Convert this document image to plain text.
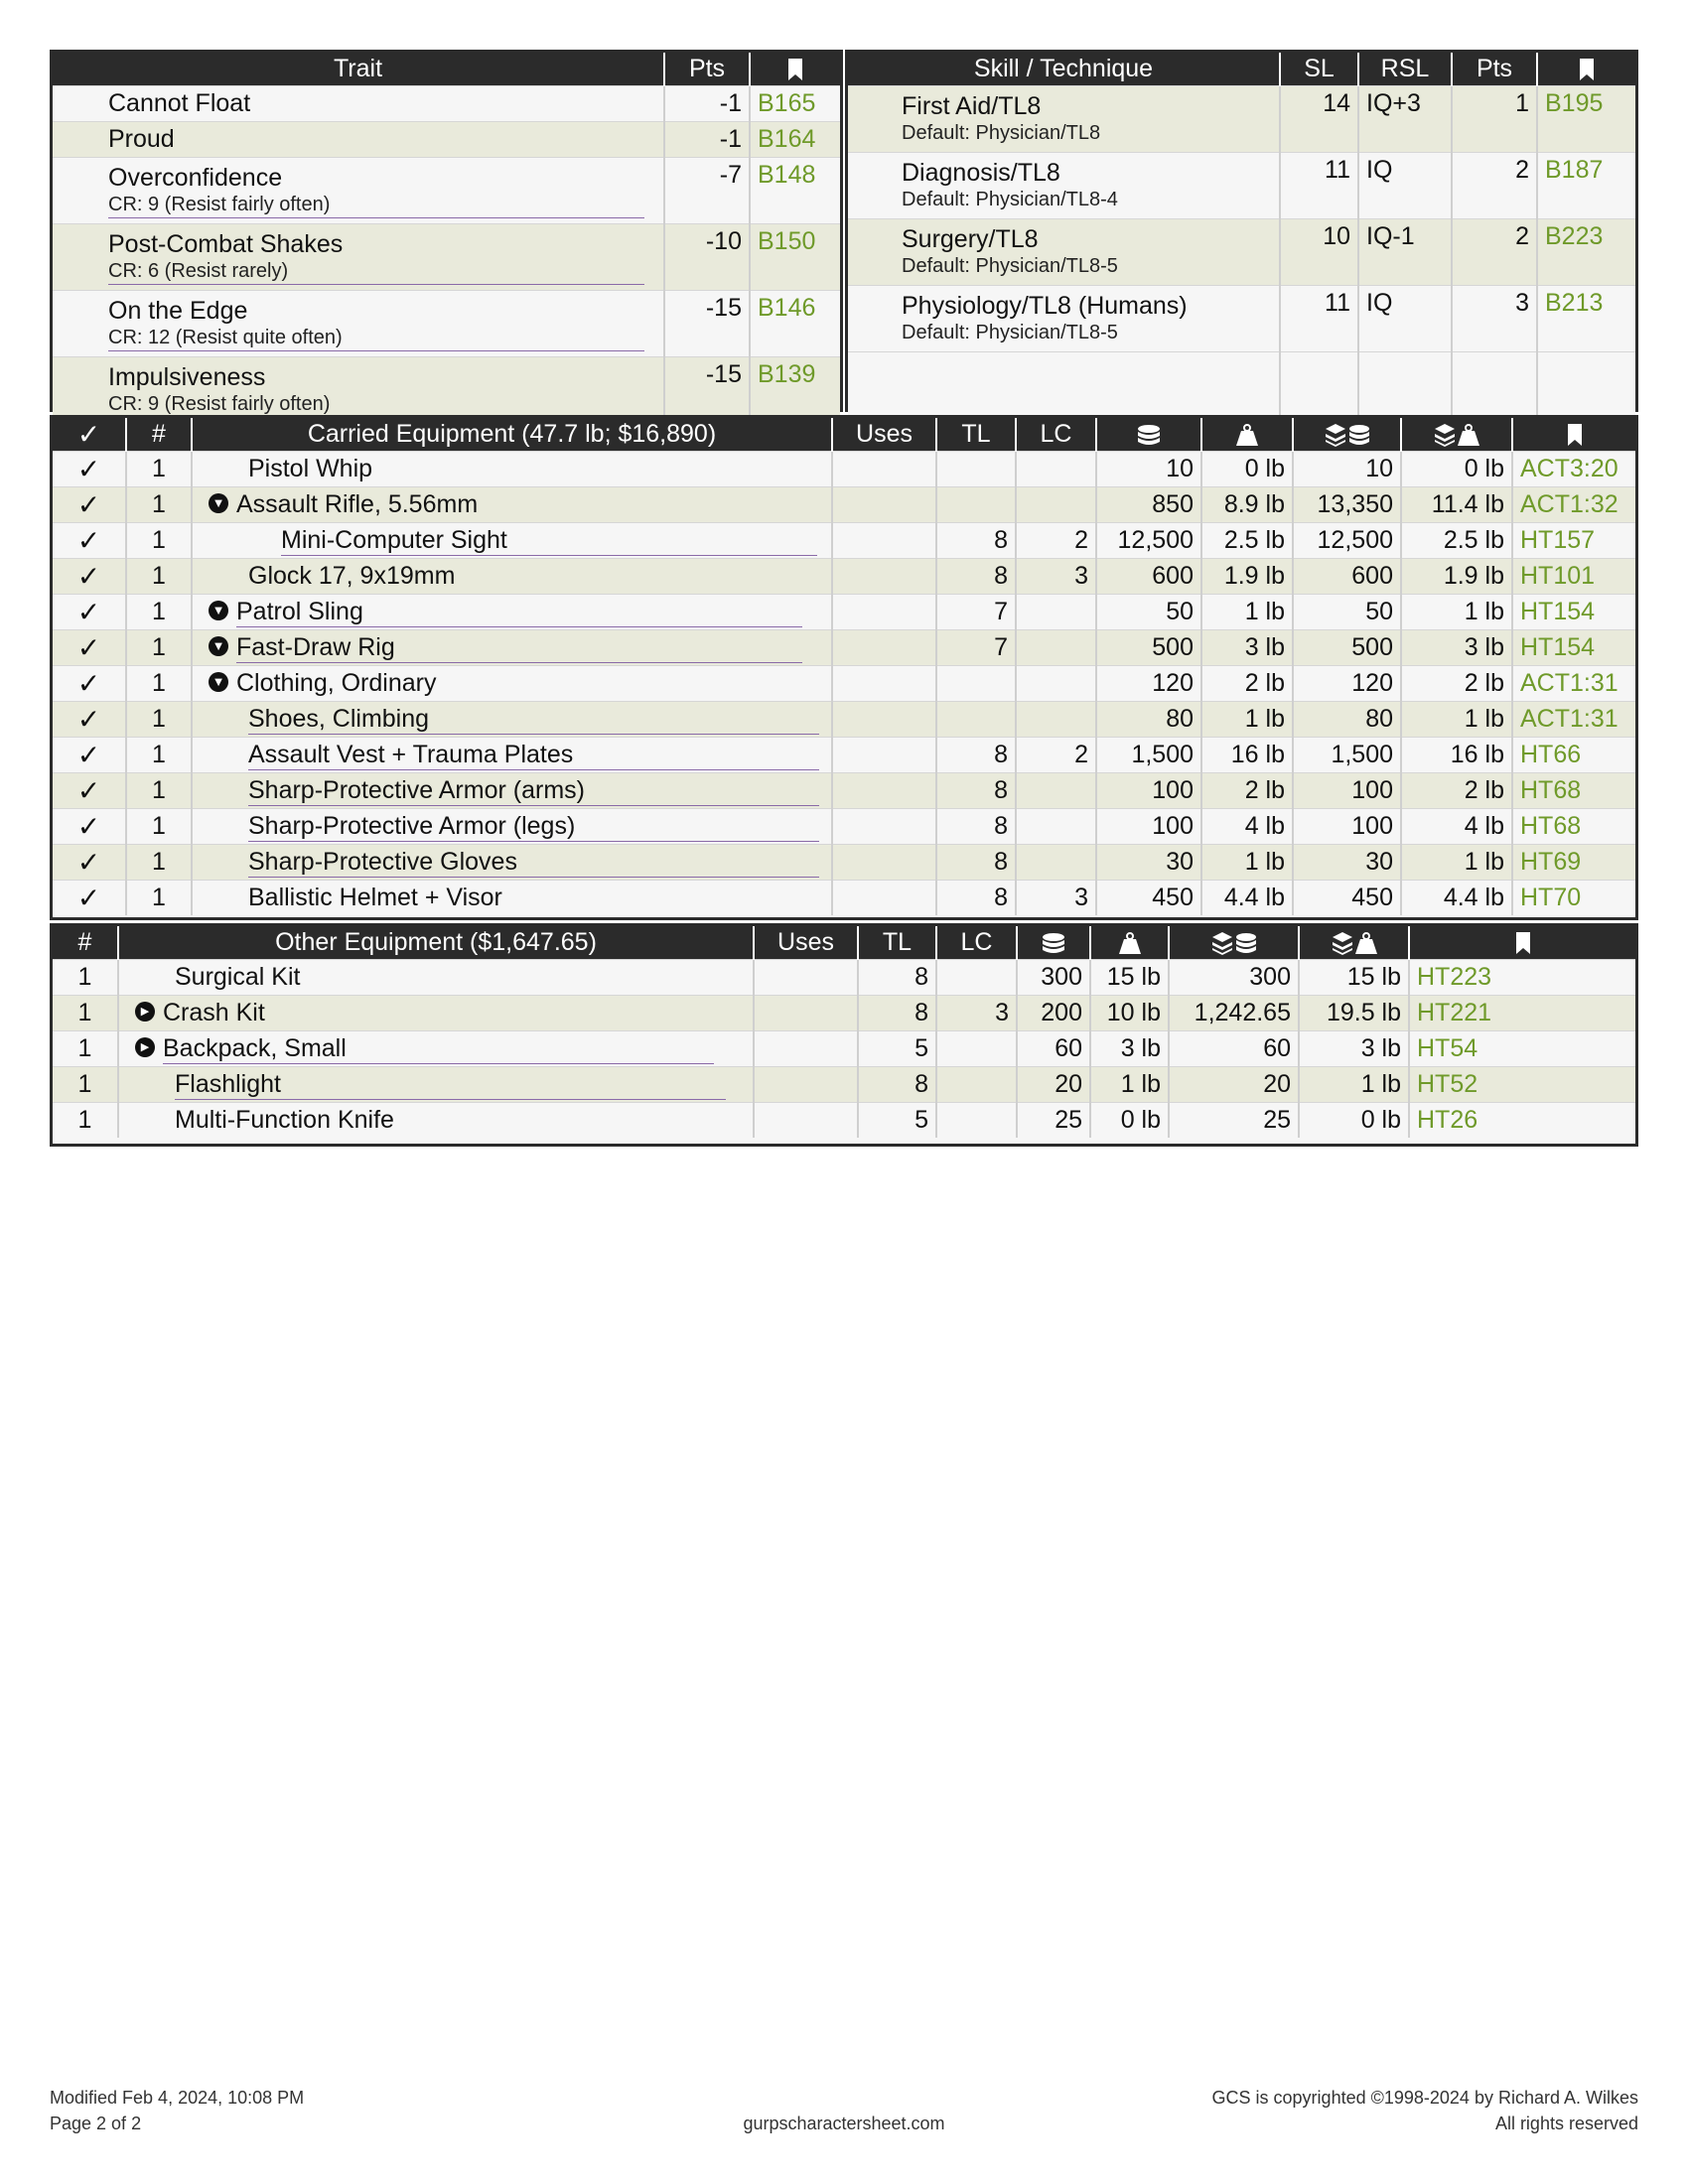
Trait	Pts	
Cannot Float	-1	B165
Proud	-1	B164

Overconfidence
CR: 9 (Resist fairly often)	-7	B148

Post-Combat Shakes
CR: 6 (Resist rarely)	-10	B150

On the Edge
CR: 12 (Resist quite often)	-15	B146

Impulsiveness
CR: 9 (Resist fairly often)	-15	B139
Skill / Technique	SL	RSL	Pts	

First Aid/TL8
Default: Physician/TL8	14	IQ+3	1	B195

Diagnosis/TL8
Default: Physician/TL8-4	11	IQ	2	B187

Surgery/TL8
Default: Physician/TL8-5	10	IQ-1	2	B223

Physiology/TL8 (Humans)
Default: Physician/TL8-5	11	IQ	3	B213

✓	#	Carried Equipment (47.7 lb; $16,890)	Uses	TL	LC					
✓	1	Pistol Whip				10	0 lb	10	0 lb	ACT3:20
✓	1	▼ Assault Rifle, 5.56mm				850	8.9 lb	13,350	11.4 lb	ACT1:32
✓	1	Mini-Computer Sight		8	2	12,500	2.5 lb	12,500	2.5 lb	HT157
✓	1	Glock 17, 9x19mm		8	3	600	1.9 lb	600	1.9 lb	HT101
✓	1	▼ Patrol Sling		7		50	1 lb	50	1 lb	HT154
✓	1	▼ Fast-Draw Rig		7		500	3 lb	500	3 lb	HT154
✓	1	▼ Clothing, Ordinary				120	2 lb	120	2 lb	ACT1:31
✓	1	Shoes, Climbing				80	1 lb	80	1 lb	ACT1:31
✓	1	Assault Vest + Trauma Plates		8	2	1,500	16 lb	1,500	16 lb	HT66
✓	1	Sharp-Protective Armor (arms)		8		100	2 lb	100	2 lb	HT68
✓	1	Sharp-Protective Armor (legs)		8		100	4 lb	100	4 lb	HT68
✓	1	Sharp-Protective Gloves		8		30	1 lb	30	1 lb	HT69
✓	1	Ballistic Helmet + Visor		8	3	450	4.4 lb	450	4.4 lb	HT70
#	Other Equipment ($1,647.65)	Uses	TL	LC					
1	Surgical Kit		8		300	15 lb	300	15 lb	HT223
1	▶ Crash Kit		8	3	200	10 lb	1,242.65	19.5 lb	HT221
1	▶ Backpack, Small		5		60	3 lb	60	3 lb	HT54
1	Flashlight		8		20	1 lb	20	1 lb	HT52
1	Multi-Function Knife		5		25	0 lb	25	0 lb	HT26
Modified Feb 4, 2024, 10:08 PM
Page 2 of 2	gurpscharactersheet.com
GCS is copyrighted ©1998-2024 by Richard A. Wilkes
All rights reserved
